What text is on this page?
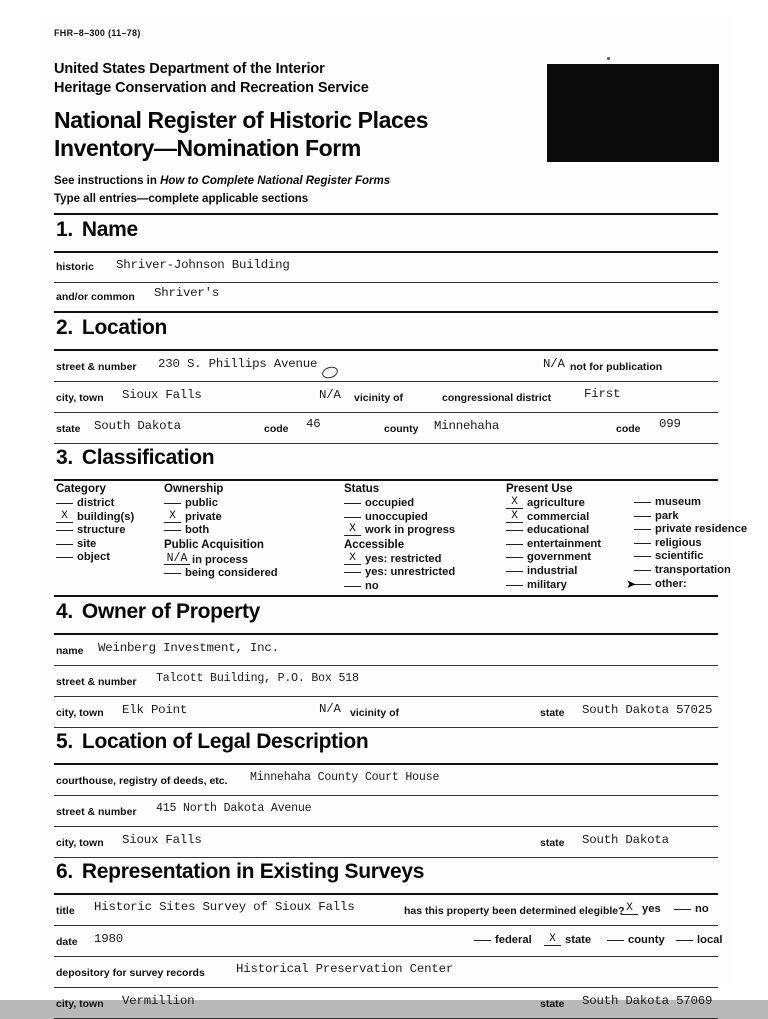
FHR–8–300 (11–78)
United States Department of the Interior
Heritage Conservation and Recreation Service
National Register of Historic Places
Inventory—Nomination Form
See instructions in How to Complete National Register Forms
Type all entries—complete applicable sections
1. Name
historic Shriver-Johnson Building
and/or common Shriver's
2. Location
street & number 230 S. Phillips Avenue	N/A not for publication
city, town Sioux Falls	N/A vicinity of	congressional district	First
state South Dakota	code 46	county Minnehaha	code 099
3. Classification
Category
district
X building(s)
structure
site
object
Ownership
public
X private
both
Public Acquisition
N/A in process
being considered
Status
occupied
unoccupied
X work in progress
Accessible
X yes: restricted
yes: unrestricted
no
Present Use
X agriculture
X commercial
educational
entertainment
government
industrial
military
museum
park
private residence
religious
scientific
transportation
other:
➤
4. Owner of Property
name Weinberg Investment, Inc.
street & number Talcott Building, P.O. Box 518
city, town Elk Point	N/A vicinity of	state South Dakota 57025
5. Location of Legal Description
courthouse, registry of deeds, etc. Minnehaha County Court House
street & number 415 North Dakota Avenue
city, town Sioux Falls	state South Dakota
6. Representation in Existing Surveys
title Historic Sites Survey of Sioux Falls	has this property been determined elegible? X yes	no
date 1980	federal	X state	county	local
depository for survey records	Historical Preservation Center
city, town Vermillion	state South Dakota 57069
